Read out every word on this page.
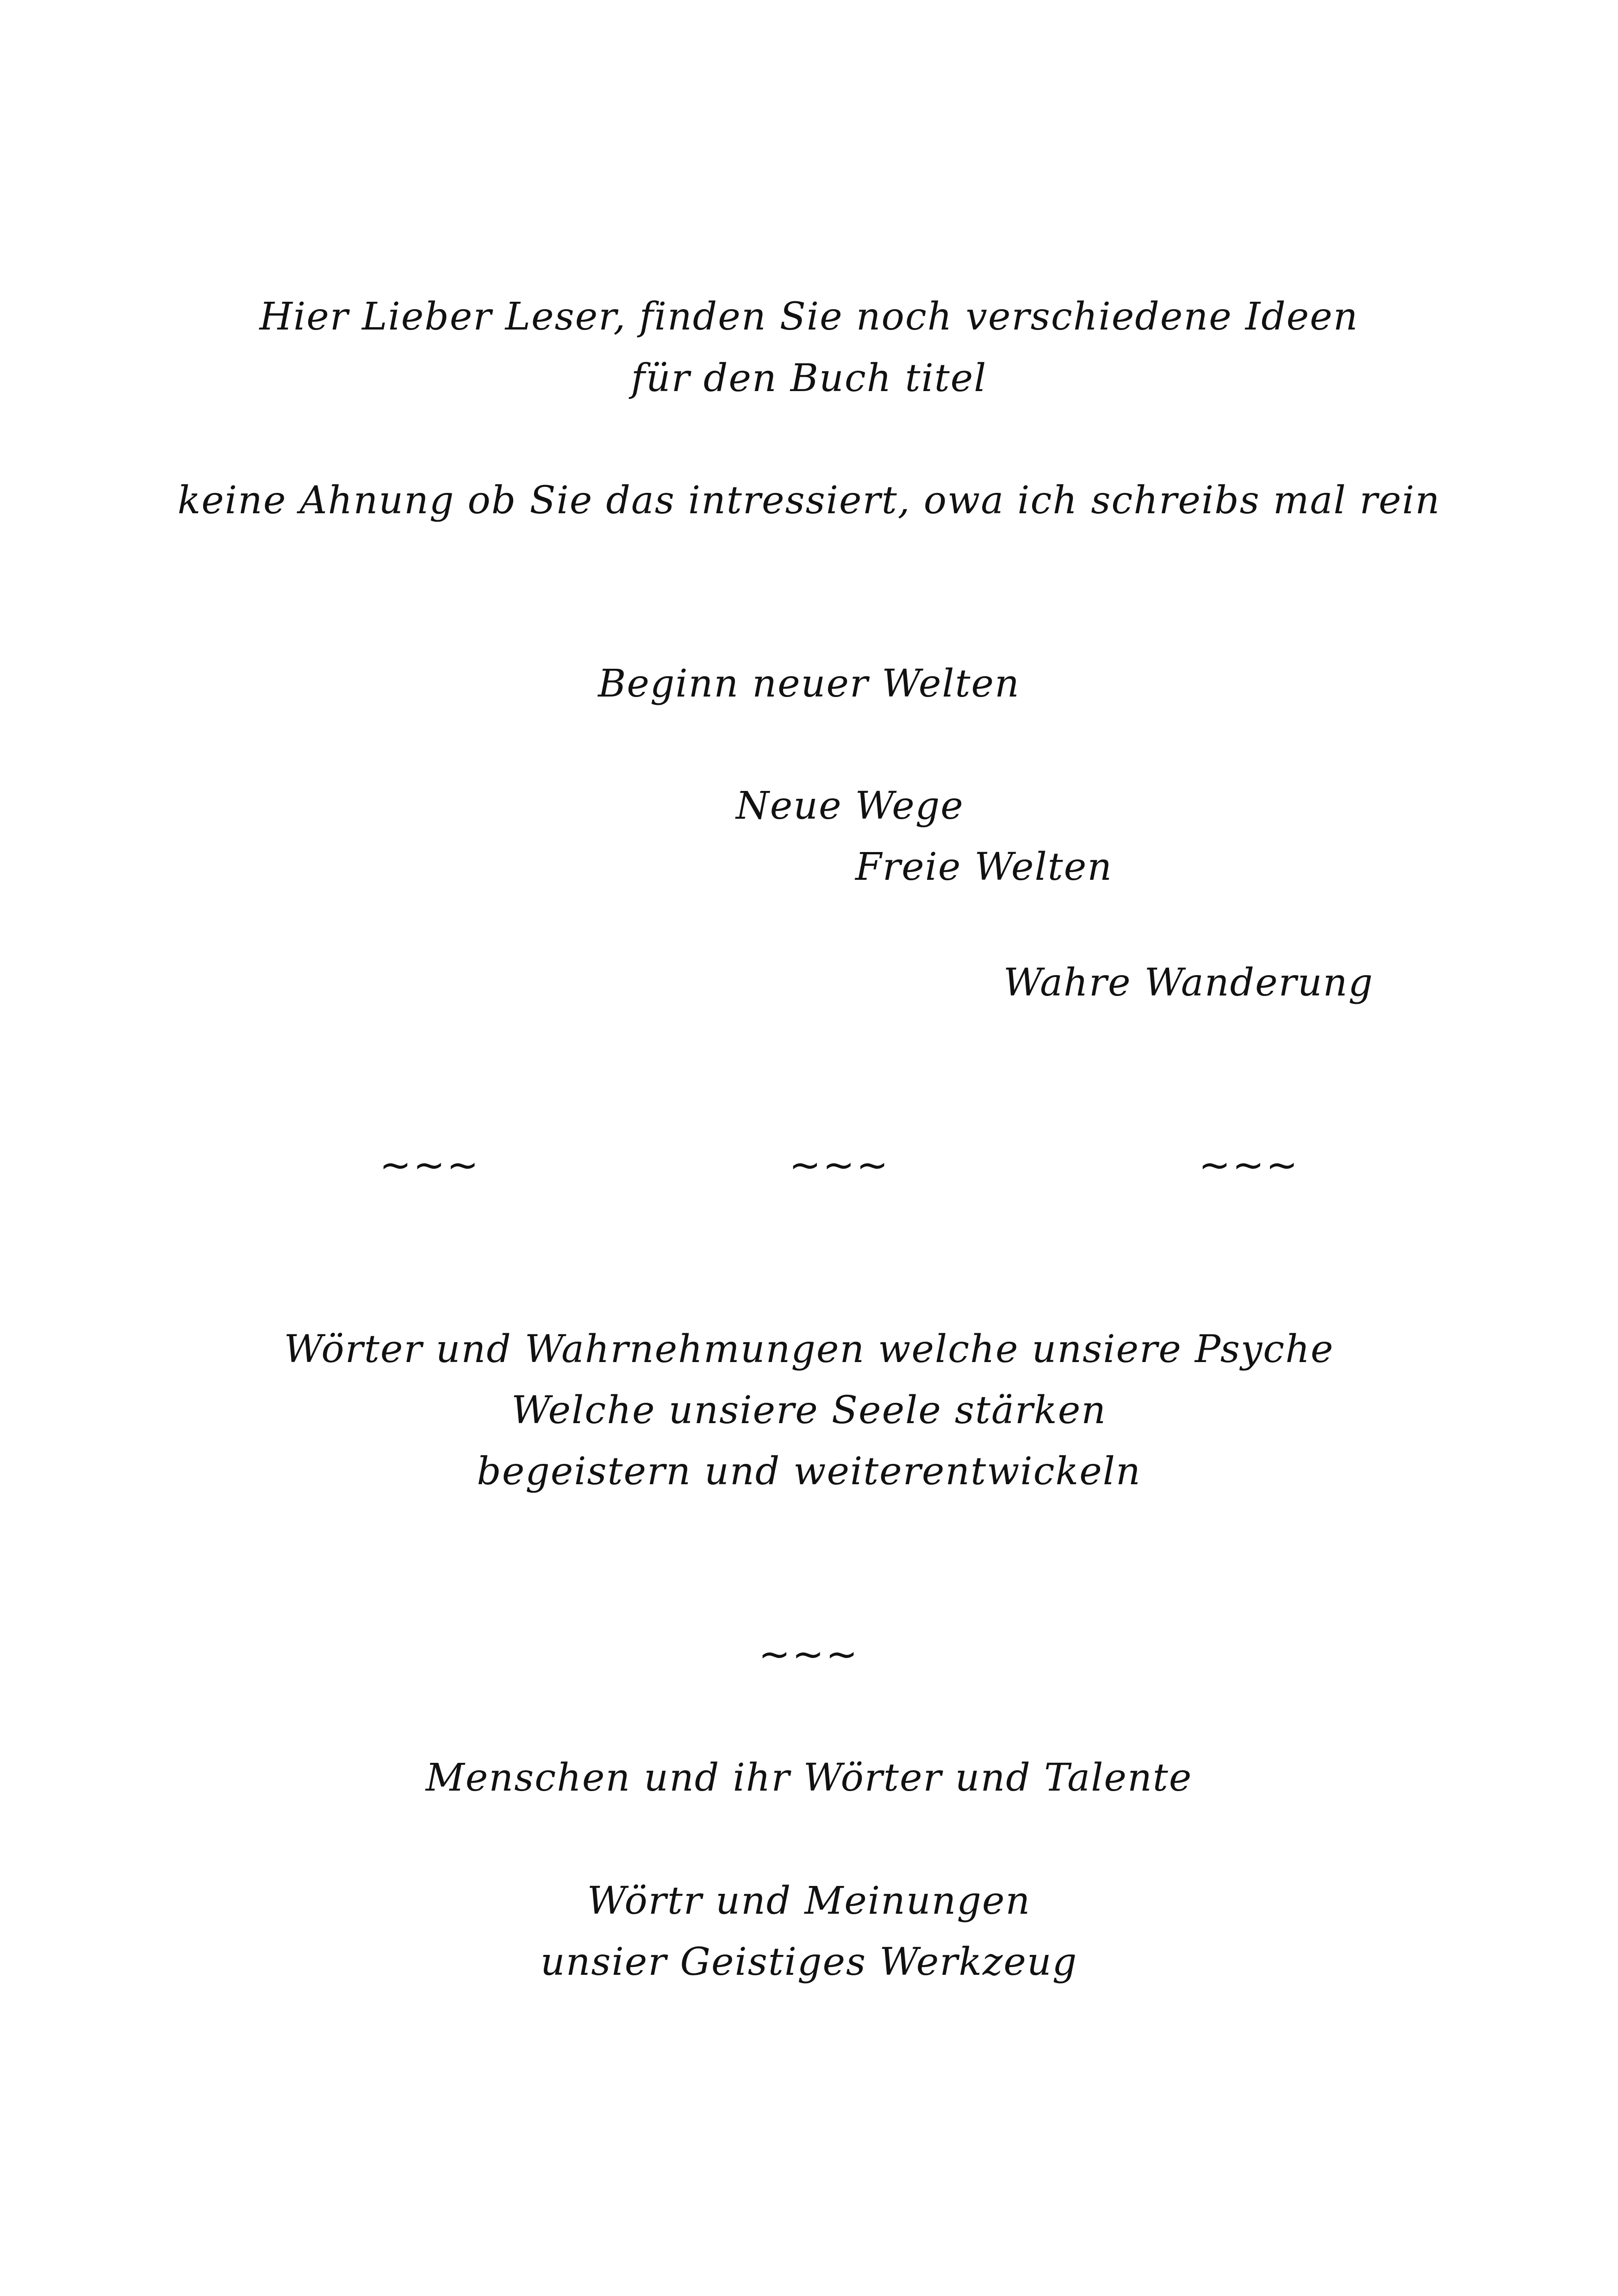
Hier Lieber Leser, finden Sie noch verschiedene Ideen
für den Buch titel
keine Ahnung ob Sie das intressiert, owa ich schreibs mal rein
Beginn neuer Welten
Neue Wege
Freie Welten
Wahre Wanderung
~~~	~~~	~~~
Wörter und Wahrnehmungen welche unsiere Psyche
Welche unsiere Seele stärken
begeistern und weiterentwickeln
~~~
Menschen und ihr Wörter und Talente
Wörtr und Meinungen
unsier Geistiges Werkzeug
